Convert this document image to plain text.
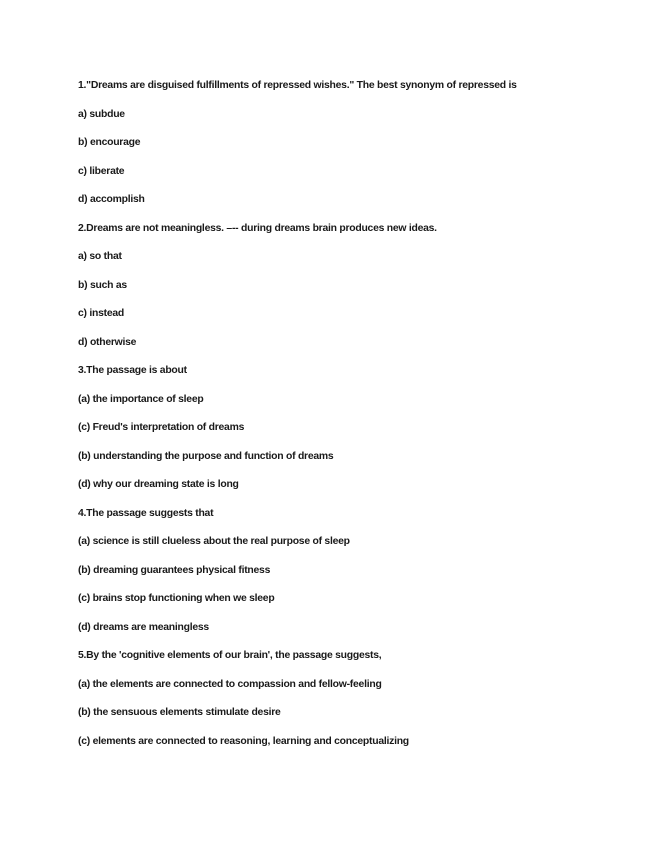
1."Dreams are disguised fulfillments of repressed wishes." The best synonym of repressed is
a) subdue
b) encourage
c) liberate
d) accomplish
2.Dreams are not meaningless. –-- during dreams brain produces new ideas.
a) so that
b) such as
c) instead
d) otherwise
3.The passage is about
(a) the importance of sleep
(c) Freud's interpretation of dreams
(b) understanding the purpose and function of dreams
(d) why our dreaming state is long
4.The passage suggests that
(a) science is still clueless about the real purpose of sleep
(b) dreaming guarantees physical fitness
(c) brains stop functioning when we sleep
(d) dreams are meaningless
5.By the 'cognitive elements of our brain', the passage suggests,
(a) the elements are connected to compassion and fellow-feeling
(b) the sensuous elements stimulate desire
(c) elements are connected to reasoning, learning and conceptualizing
